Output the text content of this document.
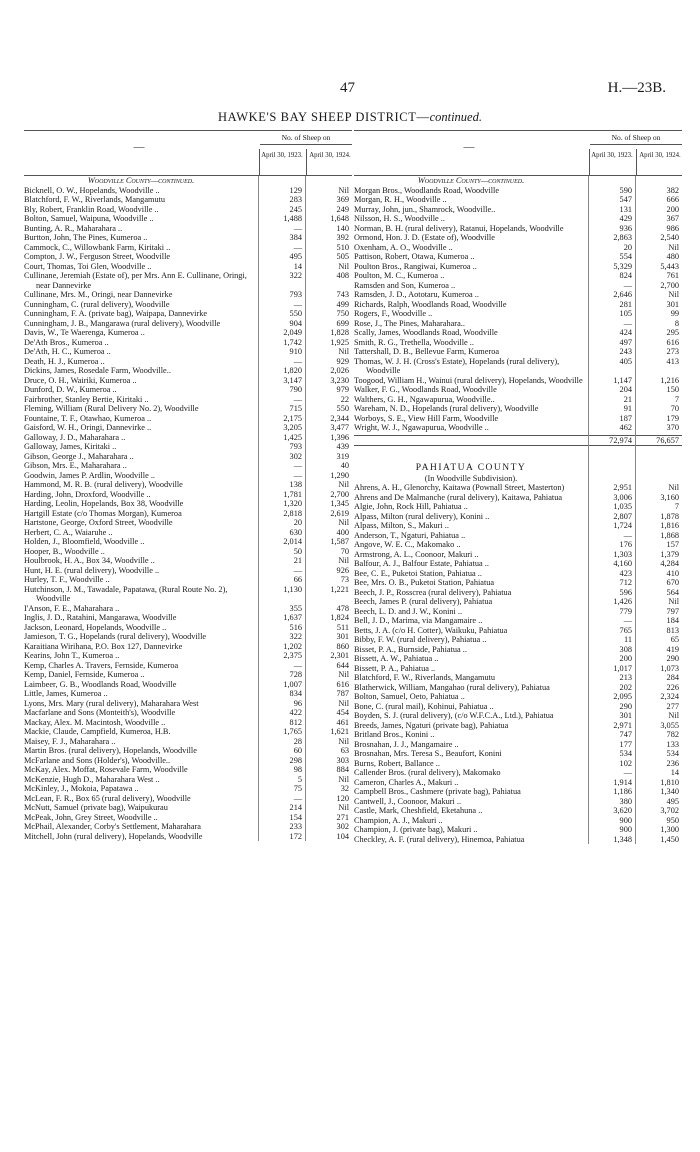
47	H.—23B.
HAWKE'S BAY SHEEP DISTRICT—continued.
—
No. of Sheep on
April 30, 1923. April 30, 1924.
Woodville County—continued.
Bicknell, O. W., Hopelands, Woodville ..	129	Nil
Blatchford, F. W., Riverlands, Mangamutu	283	369
Bly, Robert, Franklin Road, Woodville ..	245	249
Bolton, Samuel, Waipuna, Woodville ..	1,488	1,648
Bunting, A. R., Maharahara ..	—	140
Burtton, John, The Pines, Kumeroa ..	384	392
Cammock, C., Willowbank Farm, Kiritaki ..	—	510
Compton, J. W., Ferguson Street, Woodville	495	505
Court, Thomas, Toi Glen, Woodville ..	14	Nil
Cullinane, Jeremiah (Estate of), per Mrs. Ann E. Cullinane, Oringi, near Dannevirke
322	408
Cullinane, Mrs. M., Oringi, near Dannevirke	793	743
Cunningham, C. (rural delivery), Woodville	—	499
Cunningham, F. A. (private bag), Waipapa, Dannevirke	550	750
Cunningham, J. B., Mangarawa (rural delivery), Woodville	904	699
Davis, W., Te Waerenga, Kumeroa ..	2,049	1,828
De'Ath Bros., Kumeroa ..	1,742	1,925
De'Ath, H. C., Kumeroa ..	910	Nil
Death, H. J., Kumeroa ..	—	929
Dickins, James, Rosedale Farm, Woodville..	1,820	2,026
Druce, O. H., Wairiki, Kumeroa ..	3,147	3,230
Dunford, D. W., Kumeroa ..	790	979
Fairbrother, Stanley Bertie, Kiritaki ..	—	22
Fleming, William (Rural Delivery No. 2), Woodville	715	550
Fountaine, T. F., Otawhao, Kumeroa ..	2,175	2,344
Gaisford, W. H., Oringi, Dannevirke ..	3,205	3,477
Galloway, J. D., Maharahara ..	1,425	1,396
Galloway, James, Kiritaki ..	793	439
Gibson, George J., Maharahara ..	302	319
Gibson, Mrs. E., Maharahara ..	—	40
Goodwin, James P. Ardlin, Woodville ..	—	1,290
Hammond, M. R. B. (rural delivery), Woodville	138	Nil
Harding, John, Droxford, Woodville ..	1,781	2,700
Harding, Leolin, Hopelands, Box 38, Woodville	1,320	1,345
Hartgill Estate (c/o Thomas Morgan), Kumeroa	2,818	2,619
Hartstone, George, Oxford Street, Woodville	20	Nil
Herbert, C. A., Waiaruhe ..	630	400
Holden, J., Bloomfield, Woodville ..	2,014	1,587
Hooper, B., Woodville ..	50	70
Houlbrook, H. A., Box 34, Woodville ..	21	Nil
Hunt, H. E. (rural delivery), Woodville ..	—	926
Hurley, T. F., Woodville ..	66	73
Hutchinson, J. M., Tawadale, Papatawa, (Rural Route No. 2), Woodville
1,130	1,221
I'Anson, F. E., Maharahara ..	355	478
Inglis, J. D., Ratahini, Mangarawa, Woodville	1,637	1,824
Jackson, Leonard, Hopelands, Woodville ..	516	511
Jamieson, T. G., Hopelands (rural delivery), Woodville	322	301
Karaitiana Wirihana, P.O. Box 127, Dannevirke	1,202	860
Kearins, John T., Kumeroa ..	2,375	2,301
Kemp, Charles A. Travers, Fernside, Kumeroa	—	644
Kemp, Daniel, Fernside, Kumeroa ..	728	Nil
Laimbeer, G. B., Woodlands Road, Woodville	1,007	616
Little, James, Kumeroa ..	834	787
Lyons, Mrs. Mary (rural delivery), Maharahara West	96	Nil
Macfarlane and Sons (Monteith's), Woodville	422	454
Mackay, Alex. M. Macintosh, Woodville ..	812	461
Mackie, Claude, Campfield, Kumeroa, H.B.	1,765	1,621
Maisey, F. J., Maharahara ..	28	Nil
Martin Bros. (rural delivery), Hopelands, Woodville	60	63
McFarlane and Sons (Holder's), Woodville..	298	303
McKay, Alex. Moffat, Rosevale Farm, Woodville	98	884
McKenzie, Hugh D., Maharahara West ..	5	Nil
McKinley, J., Mokoia, Papatawa ..	75	32
McLean, F. R., Box 65 (rural delivery), Woodville	—	120
McNutt, Samuel (private bag), Waipukurau	214	Nil
McPeak, John, Grey Street, Woodville ..	154	271
McPhail, Alexander, Corby's Settlement, Maharahara	233	302
Mitchell, John (rural delivery), Hopelands, Woodville	172	104
—
No. of Sheep on
April 30, 1923. April 30, 1924.
Woodville County—continued.
Morgan Bros., Woodlands Road, Woodville	590	382
Morgan, R. H., Woodville ..	547	666
Murray, John, jun., Shamrock, Woodville..	131	200
Nilsson, H. S., Woodville ..	429	367
Norman, B. H. (rural delivery), Ratanui, Hopelands, Woodville	936	986
Ormond, Hon. J. D. (Estate of), Woodville	2,863	2,540
Oxenham, A. O., Woodville ..	20	Nil
Pattison, Robert, Otawa, Kumeroa ..	554	480
Poulton Bros., Rangiwai, Kumeroa ..	5,329	5,443
Poulton, M. C., Kumeroa ..	824	761
Ramsden and Son, Kumeroa ..	—	2,700
Ramsden, J. D., Aototaru, Kumeroa ..	2,646	Nil
Richards, Ralph, Woodlands Road, Woodville	281	301
Rogers, F., Woodville ..	105	99
Rose, J., The Pines, Maharahara..	—	8
Scally, James, Woodlands Road, Woodville	424	295
Smith, R. G., Trethella, Woodville ..	497	616
Tattershall, D. B., Bellevue Farm, Kumeroa	243	273
Thomas, W. J. H. (Cross's Estate), Hopelands (rural delivery), Woodville
405	413
Toogood, William H., Wainui (rural delivery), Hopelands, Woodville	1,147	1,216
Walker, F. G., Woodlands Road, Woodville	204	150
Walthers, G. H., Ngawapurua, Woodville..	21	7
Wareham, N. D., Hopelands (rural delivery), Woodville	91	70
Worboys, S. E., View Hill Farm, Woodville	187	179
Wright, W. J., Ngawapurua, Woodville ..	462	370
72,974	76,657
PAHIATUA COUNTY
(In Woodville Subdivision).
Ahrens, A. H., Glenorchy, Kaitawa (Pownall Street, Masterton)	2,951	Nil
Ahrens and De Malmanche (rural delivery), Kaitawa, Pahiatua	3,006	3,160
Algie, John, Rock Hill, Pahiatua ..	1,035	7
Alpass, Milton (rural delivery), Konini ..	2,807	1,878
Alpass, Milton, S., Makuri ..	1,724	1,816
Anderson, T., Ngaturi, Pahiatua ..	—	1,868
Angove, W. E. C., Makomako ..	176	157
Armstrong, A. L., Coonoor, Makuri ..	1,303	1,379
Balfour, A. J., Balfour Estate, Pahiatua ..	4,160	4,284
Bee, C. E., Puketoi Station, Pahiatua ..	423	410
Bee, Mrs. O. B., Puketoi Station, Pahiatua	712	670
Beech, J. P., Rosscrea (rural delivery), Pahiatua	596	564
Beech, James P. (rural delivery), Pahiatua	1,426	Nil
Beech, L. D. and J. W., Konini ..	779	797
Bell, J. D., Marima, via Mangamaire ..	—	184
Betts, J. A. (c/o H. Cotter), Waikuku, Pahiatua	765	813
Bibby, F. W. (rural delivery), Pahiatua ..	11	65
Bisset, P. A., Burnside, Pahiatua ..	308	419
Bissett, A. W., Pahiatua ..	200	290
Bissett, P. A., Pahiatua ..	1,017	1,073
Blatchford, F. W., Riverlands, Mangamutu	213	284
Blatherwick, William, Mangahao (rural delivery), Pahiatua	202	226
Bolton, Samuel, Oeto, Pahiatua ..	2,095	2,324
Bone, C. (rural mail), Kohinui, Pahiatua ..	290	277
Boyden, S. J. (rural delivery), (c/o W.F.C.A., Ltd.), Pahiatua	301	Nil
Breeds, James, Ngaturi (private bag), Pahiatua	2,971	3,055
Britland Bros., Konini ..	747	782
Brosnahan, J. J., Mangamaire ..	177	133
Brosnahan, Mrs. Teresa S., Beaufort, Konini	534	534
Burns, Robert, Ballance ..	102	236
Callender Bros. (rural delivery), Makomako	—	14
Cameron, Charles A., Makuri ..	1,914	1,810
Campbell Bros., Cashmere (private bag), Pahiatua	1,186	1,340
Cantwell, J., Coonoor, Makuri ..	380	495
Castle, Mark, Cheshfield, Eketahuna ..	3,620	3,702
Champion, A. J., Makuri ..	900	950
Champion, J. (private bag), Makuri ..	900	1,300
Checkley, A. F. (rural delivery), Hinemoa, Pahiatua	1,348	1,450
